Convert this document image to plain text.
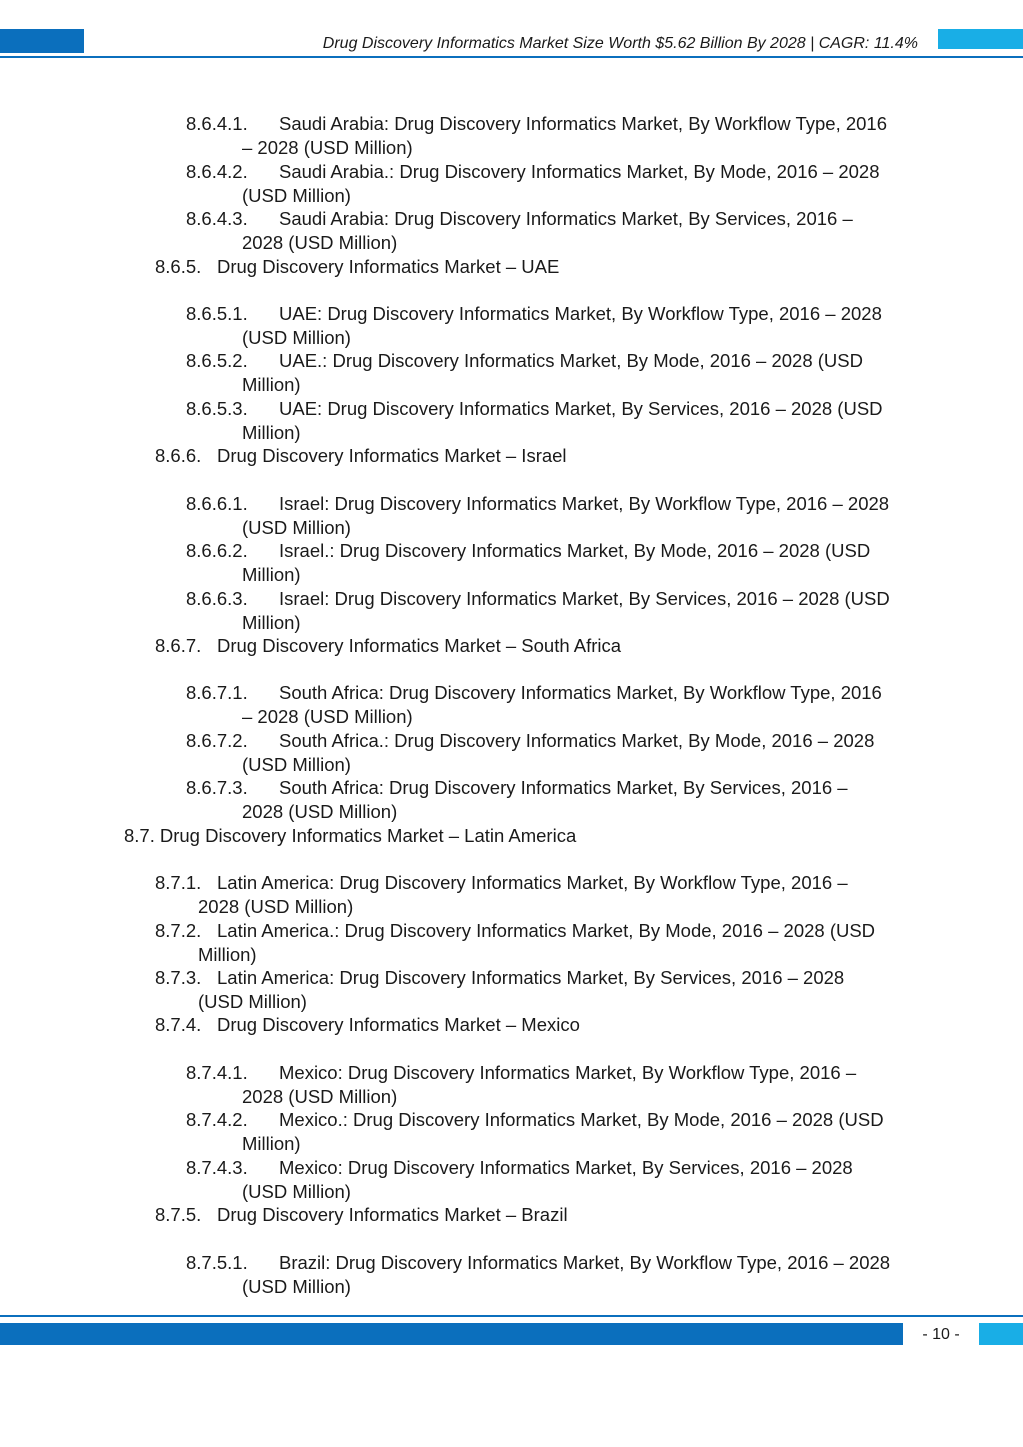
Drug Discovery Informatics Market Size Worth $5.62 Billion By 2028 | CAGR: 11.4%
8.6.4.1. Saudi Arabia: Drug Discovery Informatics Market, By Workflow Type, 2016
– 2028 (USD Million)
8.6.4.2. Saudi Arabia.: Drug Discovery Informatics Market, By Mode, 2016 – 2028
(USD Million)
8.6.4.3. Saudi Arabia: Drug Discovery Informatics Market, By Services, 2016 –
2028 (USD Million)
8.6.5. Drug Discovery Informatics Market – UAE
8.6.5.1. UAE: Drug Discovery Informatics Market, By Workflow Type, 2016 – 2028
(USD Million)
8.6.5.2. UAE.: Drug Discovery Informatics Market, By Mode, 2016 – 2028 (USD
Million)
8.6.5.3. UAE: Drug Discovery Informatics Market, By Services, 2016 – 2028 (USD
Million)
8.6.6. Drug Discovery Informatics Market – Israel
8.6.6.1. Israel: Drug Discovery Informatics Market, By Workflow Type, 2016 – 2028
(USD Million)
8.6.6.2. Israel.: Drug Discovery Informatics Market, By Mode, 2016 – 2028 (USD
Million)
8.6.6.3. Israel: Drug Discovery Informatics Market, By Services, 2016 – 2028 (USD
Million)
8.6.7. Drug Discovery Informatics Market – South Africa
8.6.7.1. South Africa: Drug Discovery Informatics Market, By Workflow Type, 2016
– 2028 (USD Million)
8.6.7.2. South Africa.: Drug Discovery Informatics Market, By Mode, 2016 – 2028
(USD Million)
8.6.7.3. South Africa: Drug Discovery Informatics Market, By Services, 2016 –
2028 (USD Million)
8.7. Drug Discovery Informatics Market – Latin America
8.7.1. Latin America: Drug Discovery Informatics Market, By Workflow Type, 2016 –
2028 (USD Million)
8.7.2. Latin America.: Drug Discovery Informatics Market, By Mode, 2016 – 2028 (USD
Million)
8.7.3. Latin America: Drug Discovery Informatics Market, By Services, 2016 – 2028
(USD Million)
8.7.4. Drug Discovery Informatics Market – Mexico
8.7.4.1. Mexico: Drug Discovery Informatics Market, By Workflow Type, 2016 –
2028 (USD Million)
8.7.4.2. Mexico.: Drug Discovery Informatics Market, By Mode, 2016 – 2028 (USD
Million)
8.7.4.3. Mexico: Drug Discovery Informatics Market, By Services, 2016 – 2028
(USD Million)
8.7.5. Drug Discovery Informatics Market – Brazil
8.7.5.1. Brazil: Drug Discovery Informatics Market, By Workflow Type, 2016 – 2028
(USD Million)
- 10 -
